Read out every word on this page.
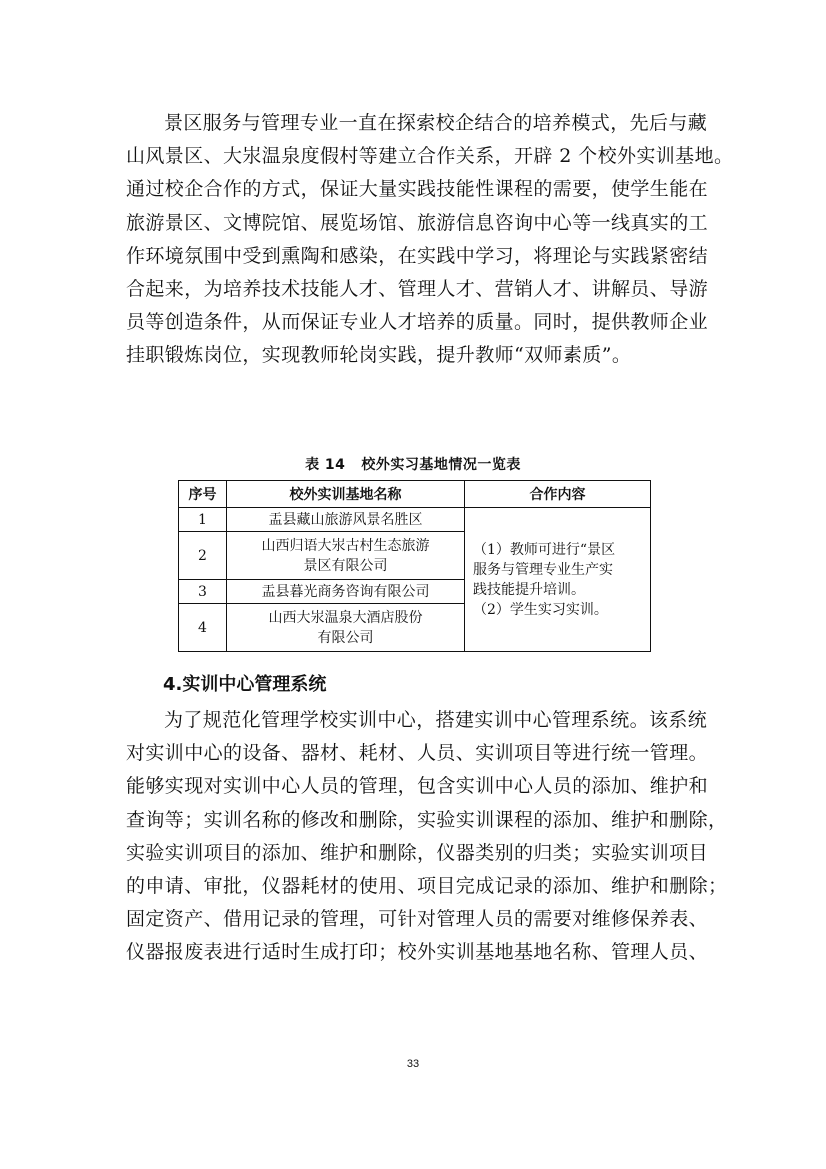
景区服务与管理专业一直在探索校企结合的培养模式，先后与藏
山风景区、大汖温泉度假村等建立合作关系，开辟 2 个校外实训基地。
通过校企合作的方式，保证大量实践技能性课程的需要，使学生能在
旅游景区、文博院馆、展览场馆、旅游信息咨询中心等一线真实的工
作环境氛围中受到熏陶和感染，在实践中学习，将理论与实践紧密结
合起来，为培养技术技能人才、管理人才、营销人才、讲解员、导游
员等创造条件，从而保证专业人才培养的质量。同时，提供教师企业
挂职锻炼岗位，实现教师轮岗实践，提升教师“双师素质”。
表 14 校外实习基地情况一览表
序号	校外实训基地名称	合作内容
1	盂县藏山旅游风景名胜区	（1）教师可进行“景区
服务与管理专业生产实
践技能提升培训。
（2）学生实习实训。

2	山西归语大汖古村生态旅游
景区有限公司	

3	盂县暮光商务咨询有限公司	
4	山西大汖温泉大酒店股份
有限公司	
4.实训中心管理系统
为了规范化管理学校实训中心，搭建实训中心管理系统。该系统
对实训中心的设备、器材、耗材、人员、实训项目等进行统一管理。
能够实现对实训中心人员的管理，包含实训中心人员的添加、维护和
查询等；实训名称的修改和删除，实验实训课程的添加、维护和删除，
实验实训项目的添加、维护和删除，仪器类别的归类；实验实训项目
的申请、审批，仪器耗材的使用、项目完成记录的添加、维护和删除；
固定资产、借用记录的管理，可针对管理人员的需要对维修保养表、
仪器报废表进行适时生成打印；校外实训基地基地名称、管理人员、
33
